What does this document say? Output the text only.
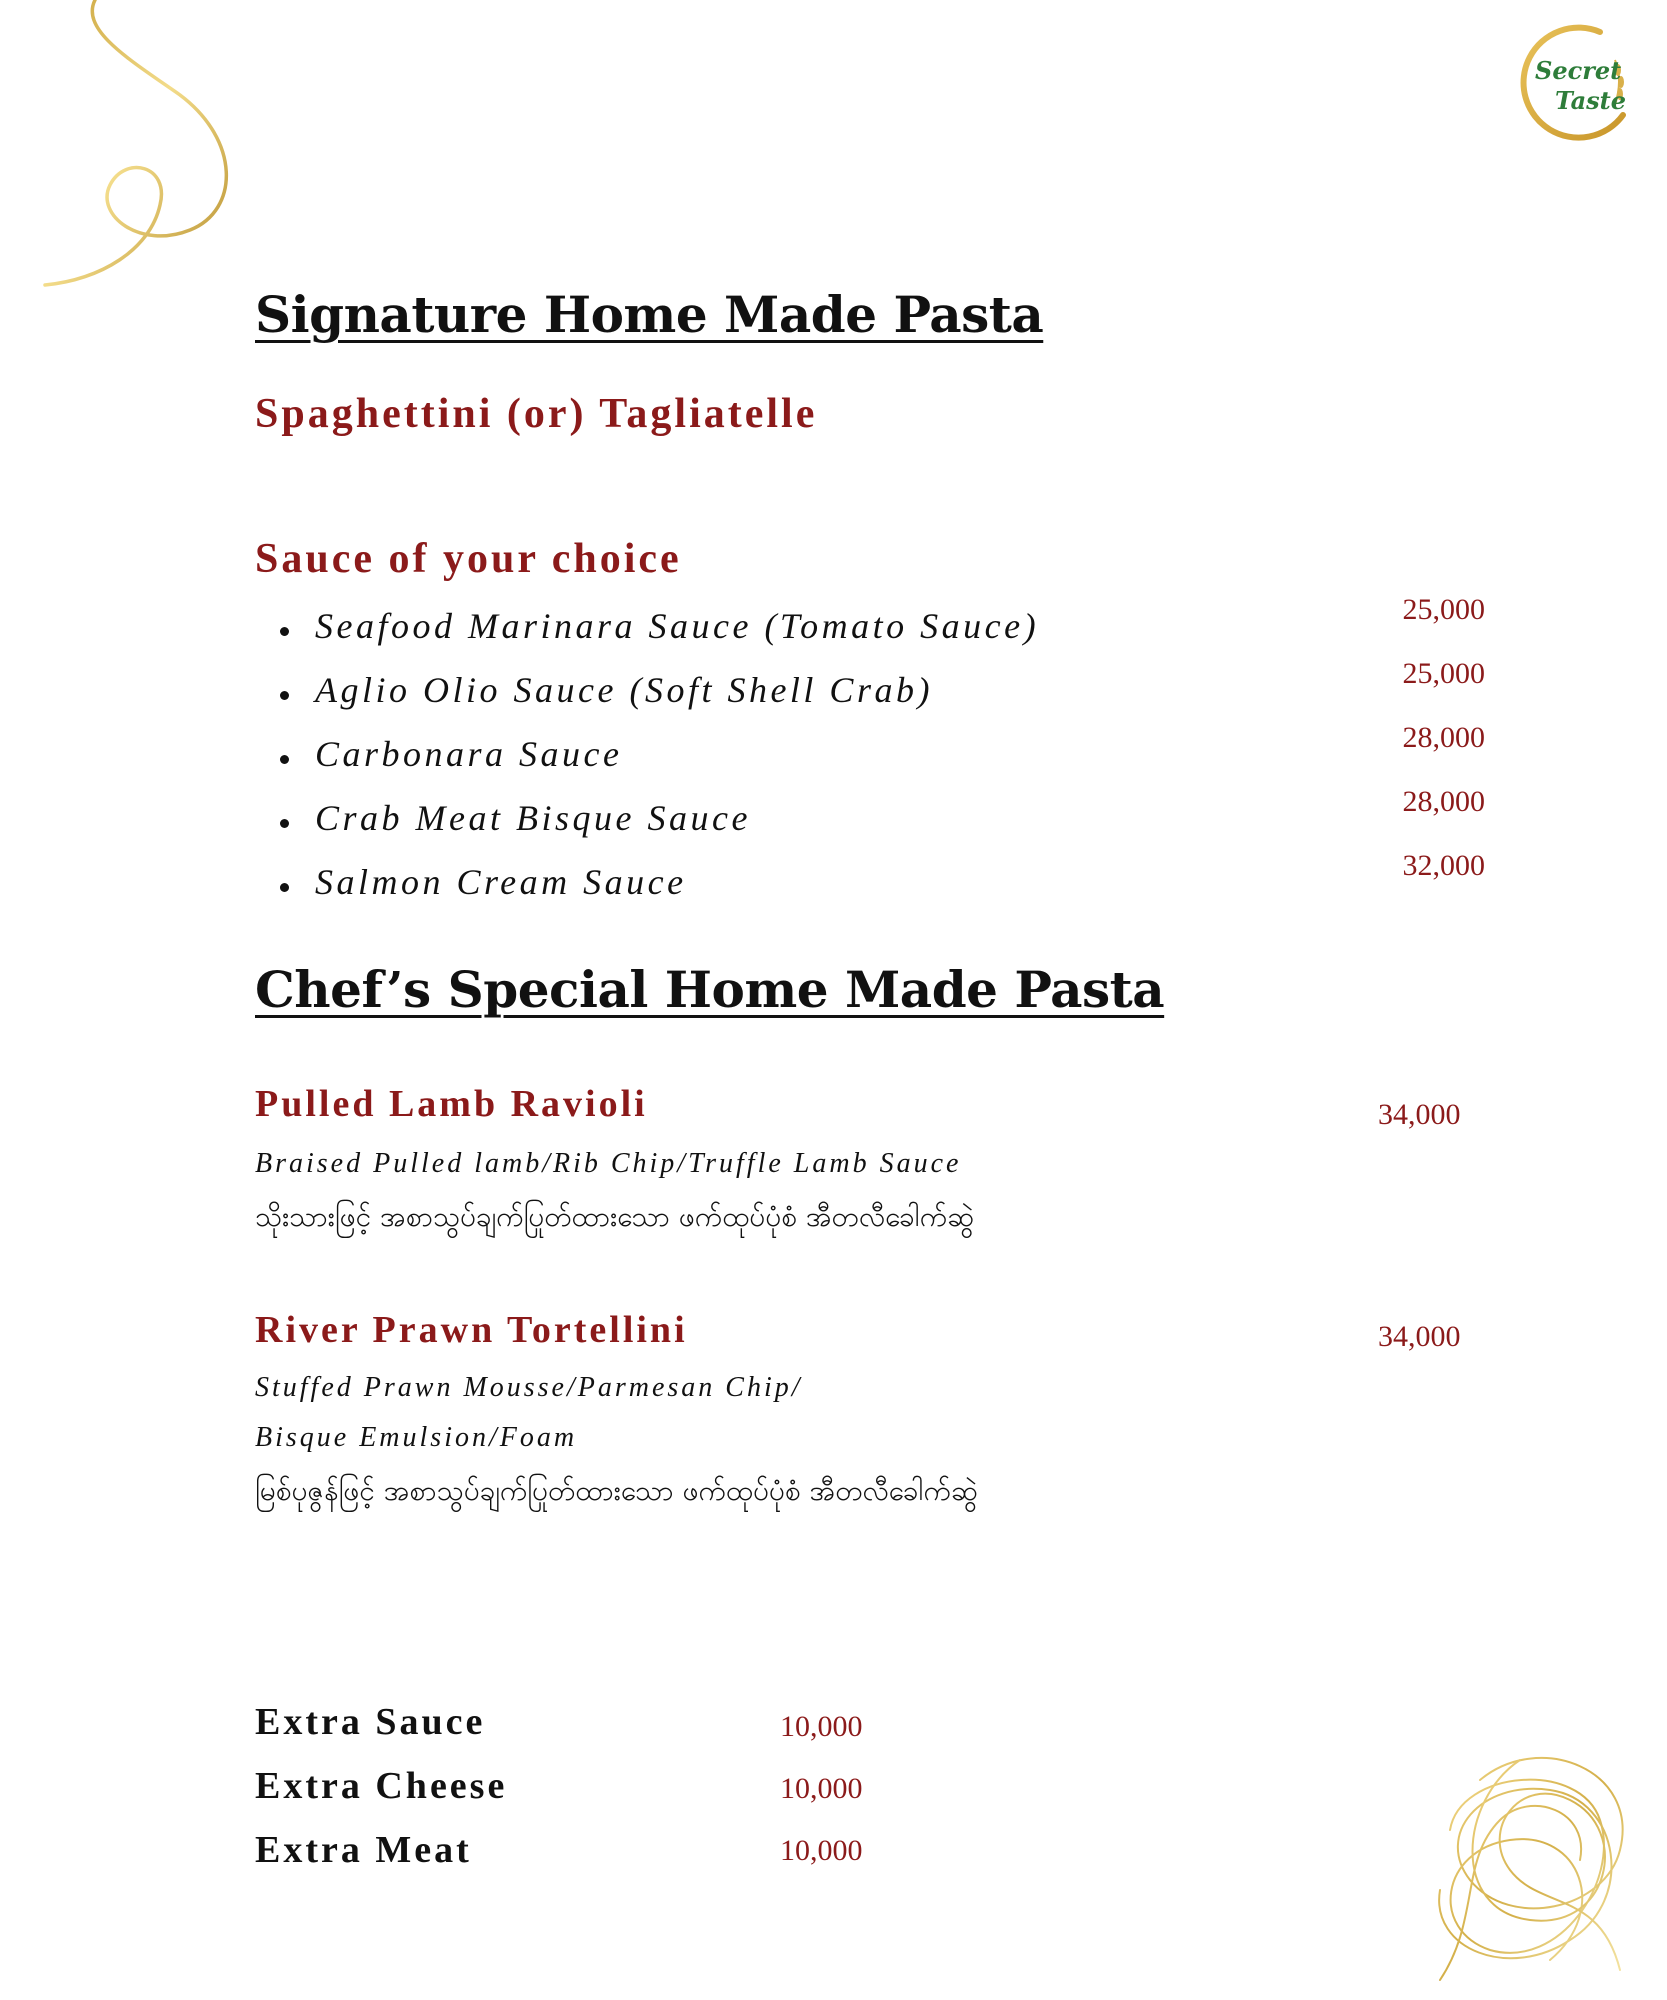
Secret
Taste
Signature Home Made Pasta
Spaghettini (or) Tagliatelle
Sauce of your choice
Seafood Marinara Sauce (Tomato Sauce)	25,000
Aglio Olio Sauce (Soft Shell Crab)	25,000
Carbonara Sauce	28,000
Crab Meat Bisque Sauce	28,000
Salmon Cream Sauce	32,000
Chef’s Special Home Made Pasta
Pulled Lamb Ravioli	34,000
Braised Pulled lamb/Rib Chip/Truffle Lamb Sauce
သိုးသားဖြင့် အစာသွပ်ချက်ပြုတ်ထားသော ဖက်ထုပ်ပုံစံ အီတလီခေါက်ဆွဲ
River Prawn Tortellini	34,000
Stuffed Prawn Mousse/Parmesan Chip/
Bisque Emulsion/Foam
မြစ်ပုဇွန်ဖြင့် အစာသွပ်ချက်ပြုတ်ထားသော ဖက်ထုပ်ပုံစံ အီတလီခေါက်ဆွဲ
Extra Sauce	10,000
Extra Cheese	10,000
Extra Meat	10,000
